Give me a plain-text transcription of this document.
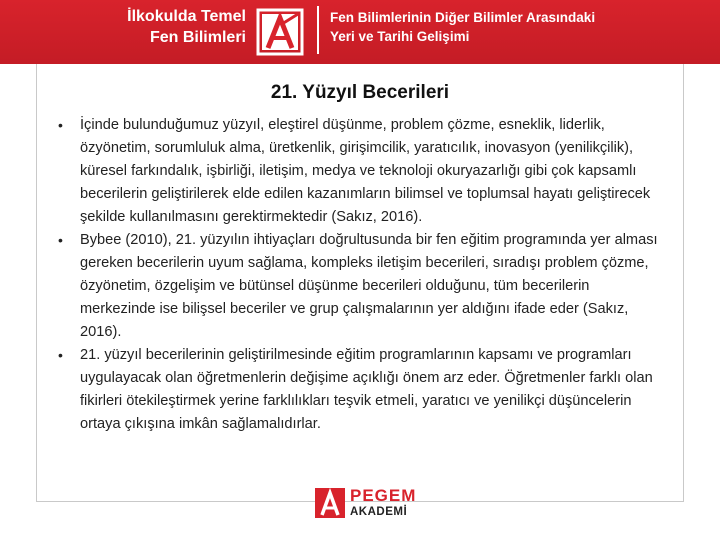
İlkokulda Temel
Fen Bilimleri
Fen Bilimlerinin Diğer Bilimler Arasındaki
Yeri ve Tarihi Gelişimi
21. Yüzyıl Becerileri
• İçinde bulunduğumuz yüzyıl, eleştirel düşünme, problem çözme, esneklik, liderlik, özyönetim, sorumluluk alma, üretkenlik, girişimcilik, yaratıcılık, inovasyon (yenilikçilik), küresel farkındalık, işbirliği, iletişim, medya ve teknoloji okuryazarlığı gibi çok kapsamlı becerilerin geliştirilerek elde edilen kazanımların bilimsel ve toplumsal hayatı geliştirecek şekilde kullanılmasını gerektirmektedir (Sakız, 2016).
• Bybee (2010), 21. yüzyılın ihtiyaçları doğrultusunda bir fen eğitim programında yer alması gereken becerilerin uyum sağlama, kompleks iletişim becerileri, sıradışı problem çözme, özyönetim, özgelişim ve bütünsel düşünme becerileri olduğunu, tüm becerilerin merkezinde ise bilişsel beceriler ve grup çalışmalarının yer aldığını ifade eder (Sakız, 2016).
• 21. yüzyıl becerilerinin geliştirilmesinde eğitim programlarının kapsamı ve programları uygulayacak olan öğretmenlerin değişime açıklığı önem arz eder. Öğretmenler farklı olan fikirleri ötekileştirmek yerine farklılıkları teşvik etmeli, yaratıcı ve yenilikçi düşüncelerin ortaya çıkışına imkân sağlamalıdırlar.
PEGEM
AKADEMİ
